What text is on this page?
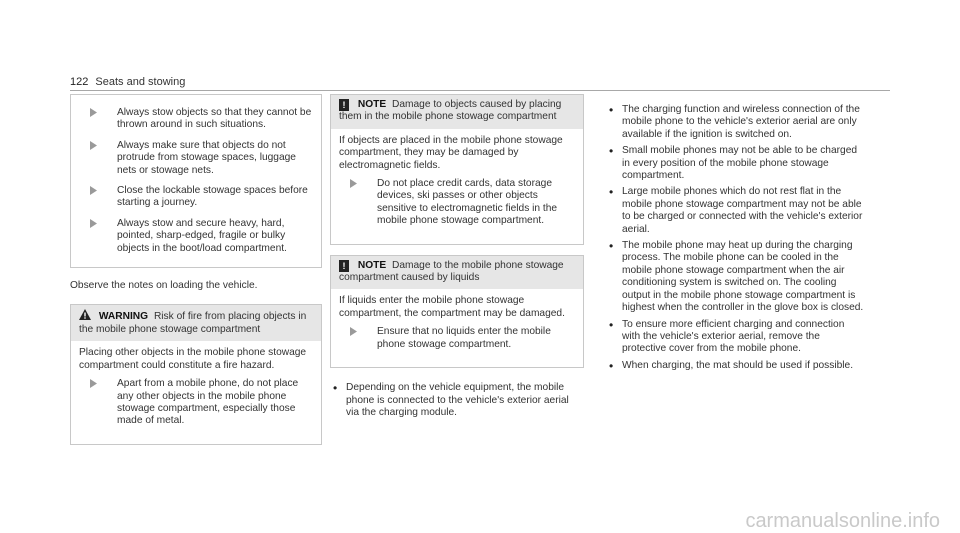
122 Seats and stowing
Always stow objects so that they cannot be thrown around in such situations.
Always make sure that objects do not protrude from stowage spaces, luggage nets or stowage nets.
Close the lockable stowage spaces before starting a journey.
Always stow and secure heavy, hard, pointed, sharp-edged, fragile or bulky objects in the boot/load compartment.

Observe the notes on loading the vehicle.

WARNING Risk of fire from placing objects in the mobile phone stowage compartment

Placing other objects in the mobile phone stowage compartment could constitute a fire hazard.

Apart from a mobile phone, do not place any other objects in the mobile phone stowage compartment, especially those made of metal.
! NOTE Damage to objects caused by placing them in the mobile phone stowage compartment

If objects are placed in the mobile phone stowage compartment, they may be damaged by electromagnetic fields.

Do not place credit cards, data storage devices, ski passes or other objects sensitive to electromagnetic fields in the mobile phone stowage compartment.
! NOTE Damage to the mobile phone stowage compartment caused by liquids

If liquids enter the mobile phone stowage compartment, the compartment may be damaged.

Ensure that no liquids enter the mobile phone stowage compartment.
• Depending on the vehicle equipment, the mobile phone is connected to the vehicle's exterior aerial via the charging module.
• The charging function and wireless connection of the mobile phone to the vehicle's exterior aerial are only available if the ignition is switched on.
• Small mobile phones may not be able to be charged in every position of the mobile phone stowage compartment.
• Large mobile phones which do not rest flat in the mobile phone stowage compartment may not be able to be charged or connected with the vehicle's exterior aerial.
• The mobile phone may heat up during the charging process. The mobile phone can be cooled in the mobile phone stowage compartment when the air conditioning system is switched on. The cooling output in the mobile phone stowage compartment is highest when the controller in the glove box is closed.
• To ensure more efficient charging and connection with the vehicle's exterior aerial, remove the protective cover from the mobile phone.
• When charging, the mat should be used if possible.
carmanualsonline.info
